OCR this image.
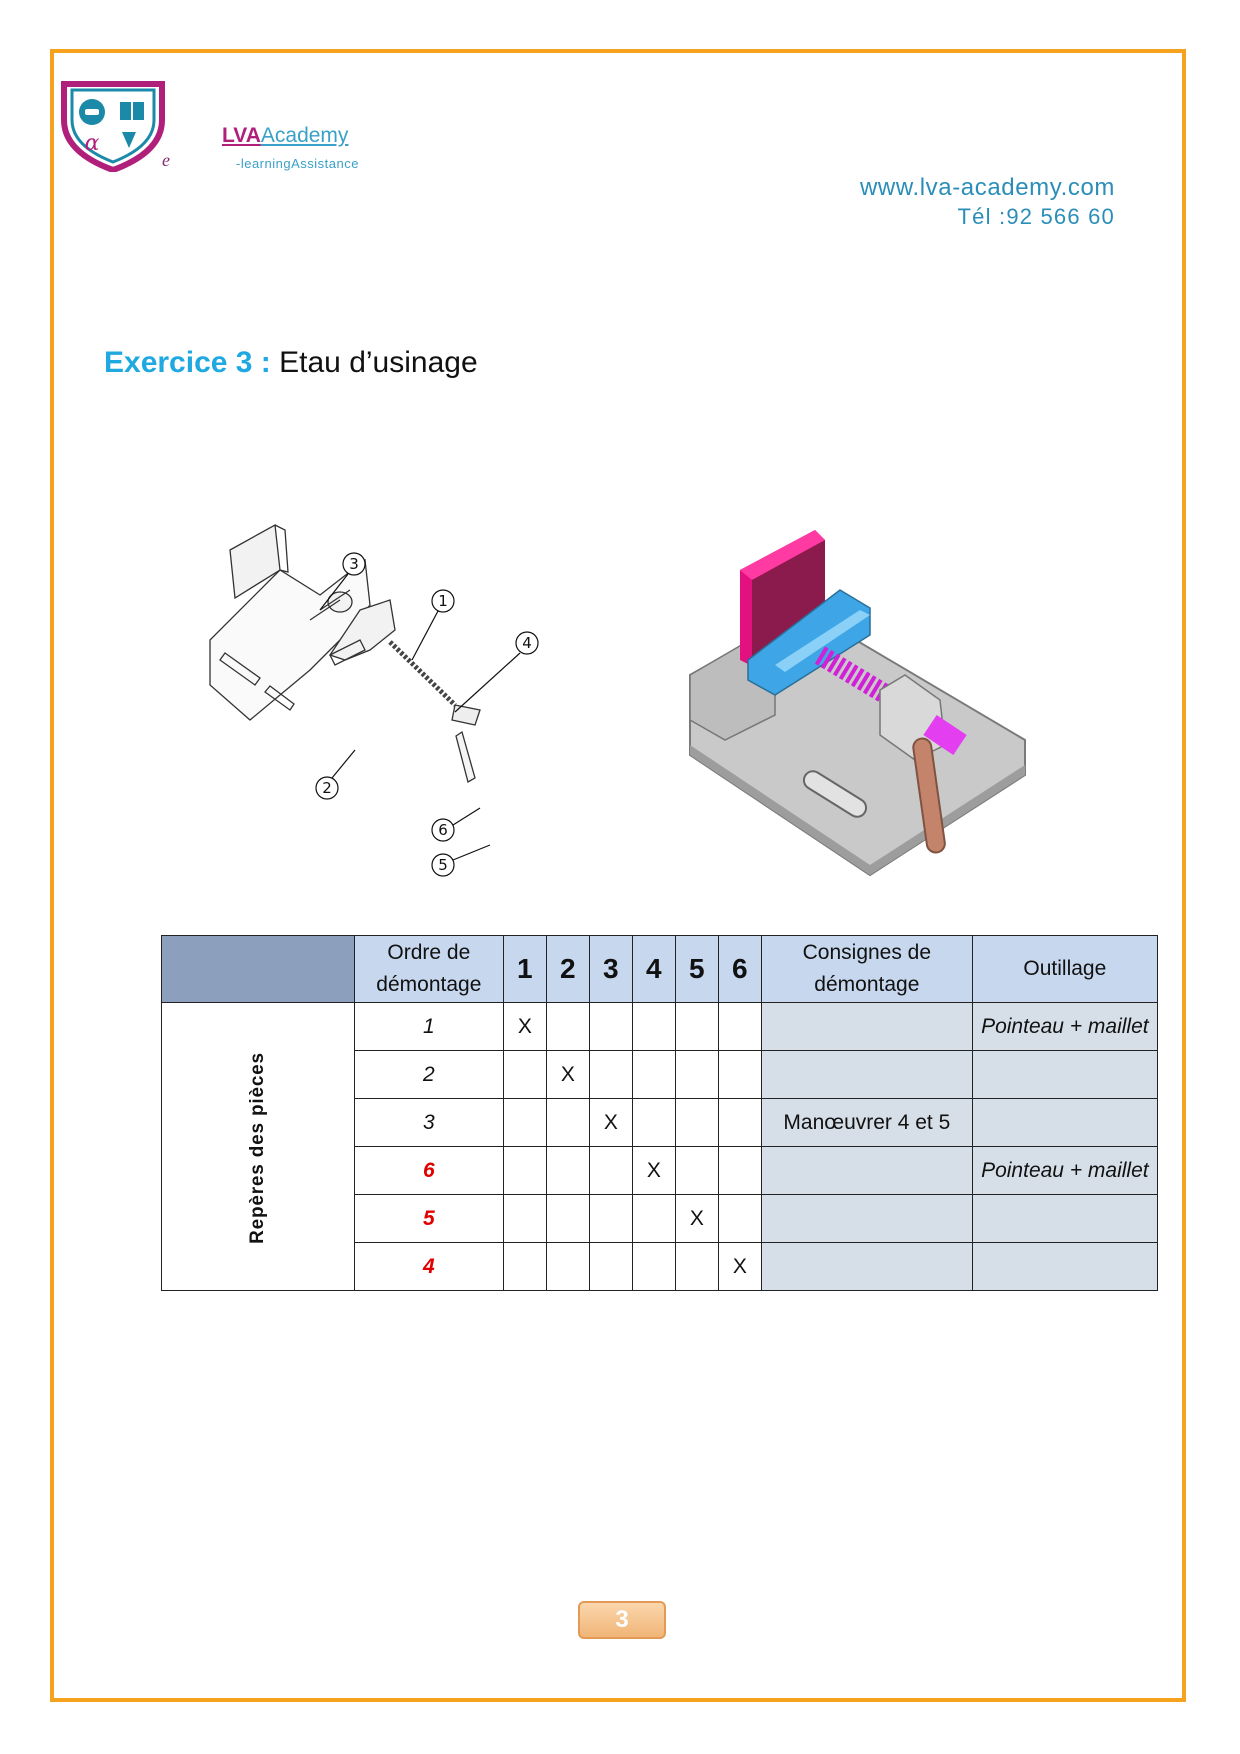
α	LVAAcademy
e	-learningAssistance
www.lva-academy.com
Tél :92 566 60
Exercice 3 : Etau d’usinage
1
2
3
4
5
6
	Ordre de
démontage	1	2	3	4	5	6	Consignes de
démontage	Outillage
Repères des pièces	1	X							Pointeau + maillet
	2		X						
	3			X				Manœuvrer 4 et 5	
	6				X				Pointeau + maillet
	5					X			
	4						X		
3
